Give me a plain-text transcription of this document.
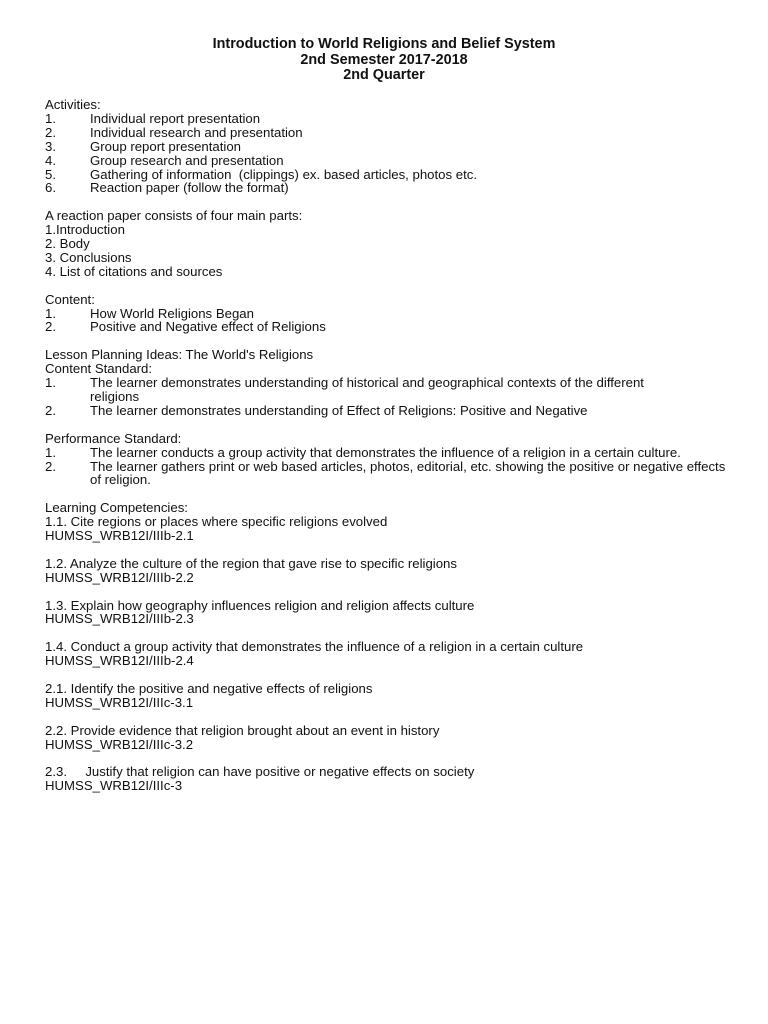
Introduction to World Religions and Belief System

2nd Semester 2017-2018

2nd Quarter

Activities:

1.	Individual report presentation
2.	Individual research and presentation
3.	Group report presentation
4.	Group research and presentation
5.	Gathering of information  (clippings) ex. based articles, photos etc.
6.	Reaction paper (follow the format)

A reaction paper consists of four main parts:

1.Introduction

2. Body

3. Conclusions

4. List of citations and sources

Content:

1.	How World Religions Began
2.	Positive and Negative effect of Religions

Lesson Planning Ideas: The World's Religions

Content Standard:

1.	The learner demonstrates understanding of historical and geographical contexts of the different religions
2.	The learner demonstrates understanding of Effect of Religions: Positive and Negative

Performance Standard:

1.	The learner conducts a group activity that demonstrates the influence of a religion in a certain culture.
2.	The learner gathers print or web based articles, photos, editorial, etc. showing the positive or negative effects of religion.

Learning Competencies:

1.1. Cite regions or places where specific religions evolved

HUMSS_WRB12I/IIIb-2.1

1.2. Analyze the culture of the region that gave rise to specific religions

HUMSS_WRB12I/IIIb-2.2

1.3. Explain how geography influences religion and religion affects culture

HUMSS_WRB12I/IIIb-2.3

1.4. Conduct a group activity that demonstrates the influence of a religion in a certain culture

HUMSS_WRB12I/IIIb-2.4

2.1. Identify the positive and negative effects of religions

HUMSS_WRB12I/IIIc-3.1

2.2. Provide evidence that religion brought about an event in history

HUMSS_WRB12I/IIIc-3.2

2.3.     Justify that religion can have positive or negative effects on society

HUMSS_WRB12I/IIIc-3
